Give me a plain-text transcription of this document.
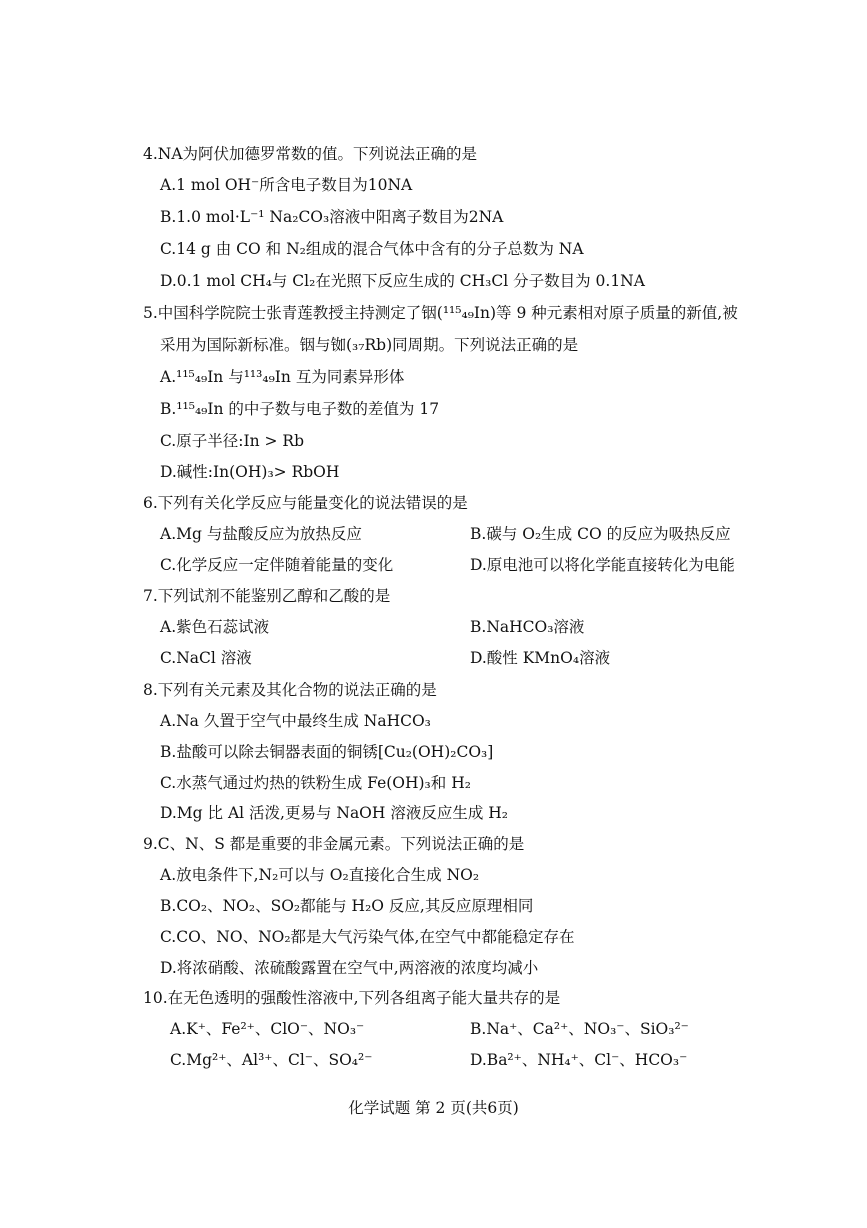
4.NA为阿伏加德罗常数的值。下列说法正确的是
A.1 mol OH⁻所含电子数目为10NA
B.1.0 mol·L⁻¹ Na₂CO₃溶液中阳离子数目为2NA
C.14 g 由 CO 和 N₂组成的混合气体中含有的分子总数为 NA
D.0.1 mol CH₄与 Cl₂在光照下反应生成的 CH₃Cl 分子数目为 0.1NA
5.中国科学院院士张青莲教授主持测定了铟(¹¹⁵₄₉In)等 9 种元素相对原子质量的新值,被
采用为国际新标准。铟与铷(₃₇Rb)同周期。下列说法正确的是
A.¹¹⁵₄₉In 与¹¹³₄₉In 互为同素异形体
B.¹¹⁵₄₉In 的中子数与电子数的差值为 17
C.原子半径:In > Rb
D.碱性:In(OH)₃> RbOH
6.下列有关化学反应与能量变化的说法错误的是
A.Mg 与盐酸反应为放热反应	B.碳与 O₂生成 CO 的反应为吸热反应
C.化学反应一定伴随着能量的变化	D.原电池可以将化学能直接转化为电能
7.下列试剂不能鉴别乙醇和乙酸的是
A.紫色石蕊试液	B.NaHCO₃溶液
C.NaCl 溶液	D.酸性 KMnO₄溶液
8.下列有关元素及其化合物的说法正确的是
A.Na 久置于空气中最终生成 NaHCO₃
B.盐酸可以除去铜器表面的铜锈[Cu₂(OH)₂CO₃]
C.水蒸气通过灼热的铁粉生成 Fe(OH)₃和 H₂
D.Mg 比 Al 活泼,更易与 NaOH 溶液反应生成 H₂
9.C、N、S 都是重要的非金属元素。下列说法正确的是
A.放电条件下,N₂可以与 O₂直接化合生成 NO₂
B.CO₂、NO₂、SO₂都能与 H₂O 反应,其反应原理相同
C.CO、NO、NO₂都是大气污染气体,在空气中都能稳定存在
D.将浓硝酸、浓硫酸露置在空气中,两溶液的浓度均减小
10.在无色透明的强酸性溶液中,下列各组离子能大量共存的是
A.K⁺、Fe²⁺、ClO⁻、NO₃⁻	B.Na⁺、Ca²⁺、NO₃⁻、SiO₃²⁻
C.Mg²⁺、Al³⁺、Cl⁻、SO₄²⁻	D.Ba²⁺、NH₄⁺、Cl⁻、HCO₃⁻
化学试题 第 2 页(共6页)
